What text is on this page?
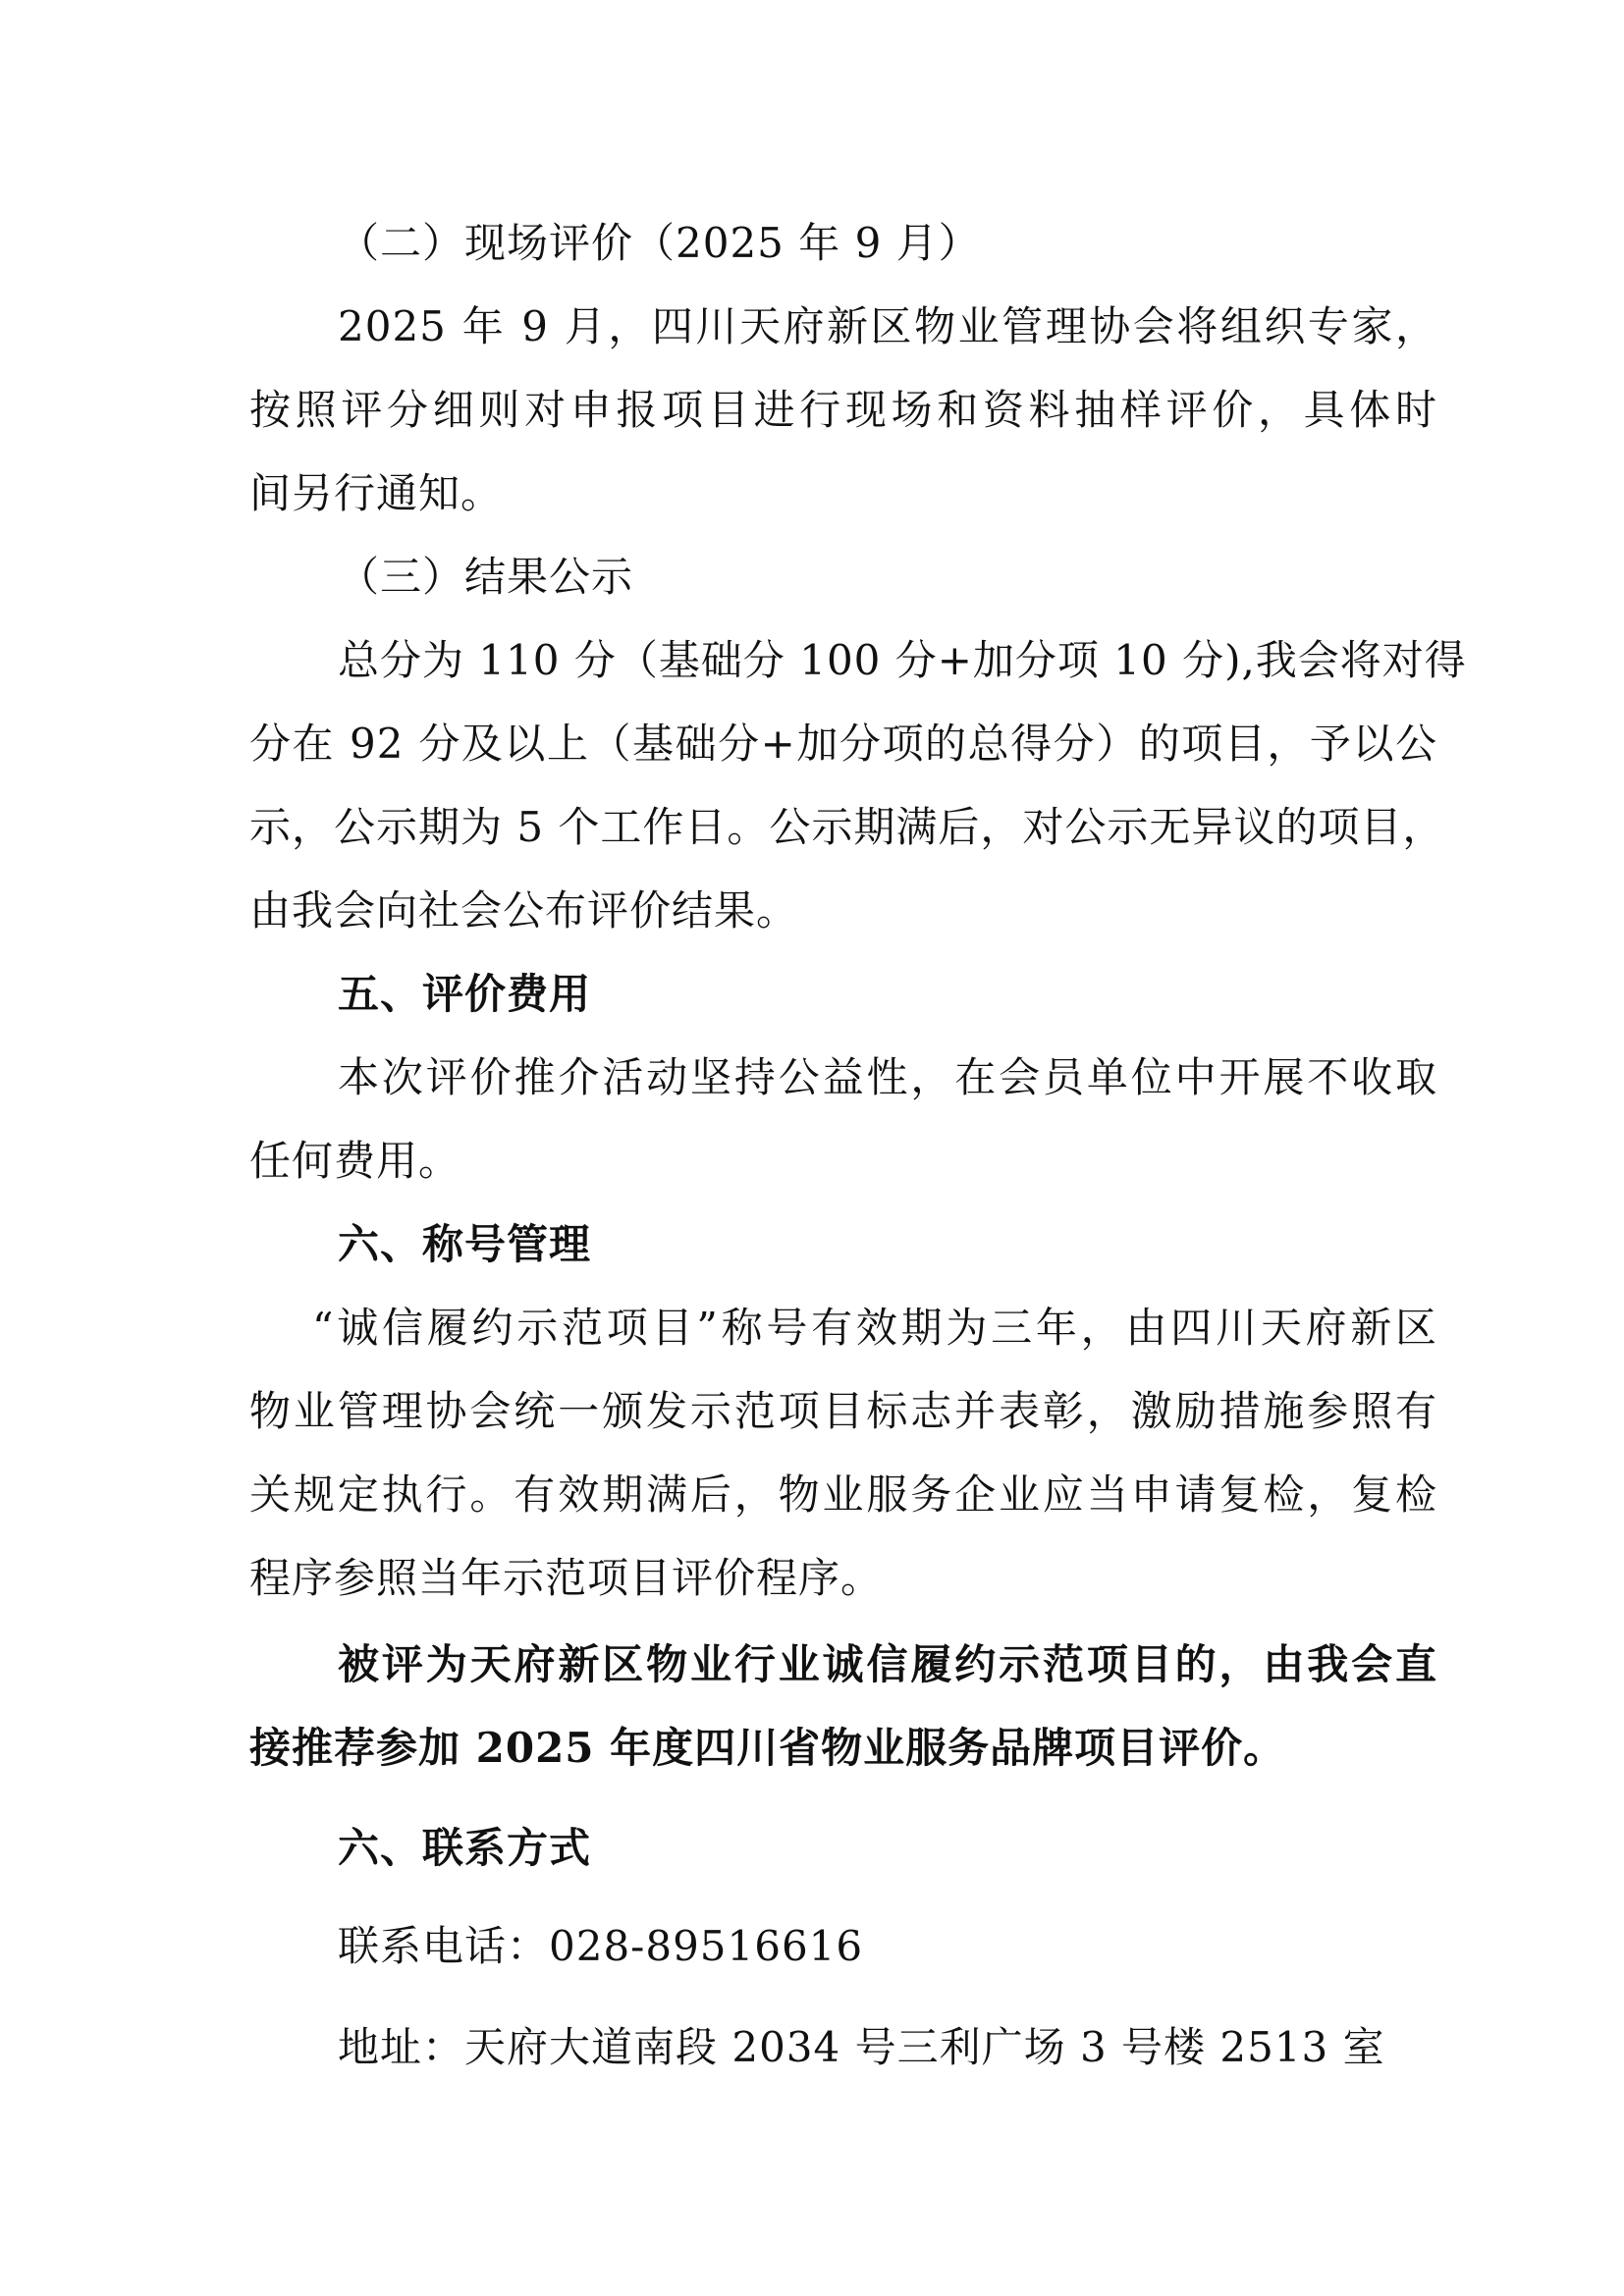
（二）现场评价（2025 年 9 月）
2025 年 9 月，四川天府新区物业管理协会将组织专家，
按照评分细则对申报项目进行现场和资料抽样评价，具体时
间另行通知。
（三）结果公示
总分为 110 分（基础分 100 分+加分项 10 分),我会将对得
分在 92 分及以上（基础分+加分项的总得分）的项目，予以公
示，公示期为 5 个工作日。公示期满后，对公示无异议的项目，
由我会向社会公布评价结果。
五、评价费用
本次评价推介活动坚持公益性，在会员单位中开展不收取
任何费用。
六、称号管理
“诚信履约示范项目”称号有效期为三年，由四川天府新区
物业管理协会统一颁发示范项目标志并表彰，激励措施参照有
关规定执行。有效期满后，物业服务企业应当申请复检，复检
程序参照当年示范项目评价程序。
被评为天府新区物业行业诚信履约示范项目的，由我会直
接推荐参加 2025 年度四川省物业服务品牌项目评价。
六、联系方式
联系电话：028-89516616
地址：天府大道南段 2034 号三利广场 3 号楼 2513 室
